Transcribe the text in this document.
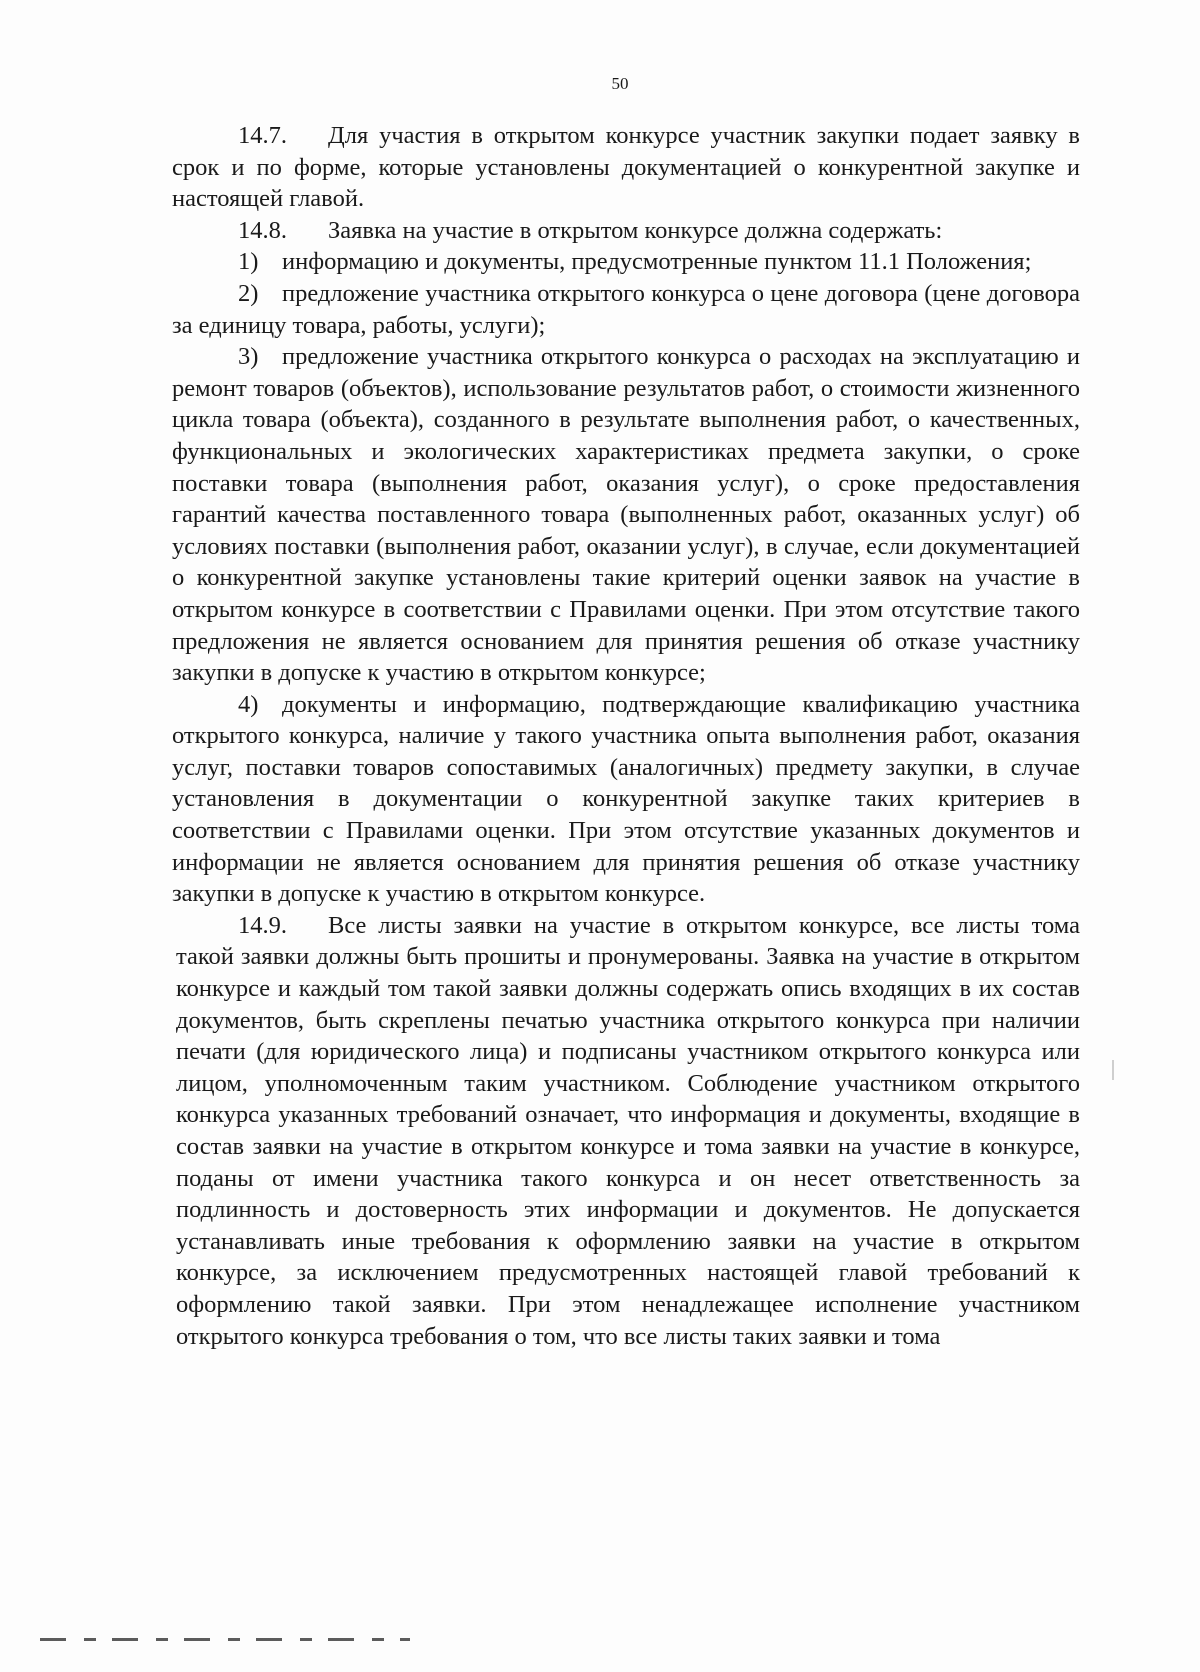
50

14.7. Для участия в открытом конкурсе участник закупки подает заявку в срок и по форме, которые установлены документацией о конкурентной закупке и настоящей главой.

14.8. Заявка на участие в открытом конкурсе должна содержать:

1) информацию и документы, предусмотренные пунктом 11.1 Положения;

2) предложение участника открытого конкурса о цене договора (цене договора за единицу товара, работы, услуги);

3) предложение участника открытого конкурса о расходах на эксплуатацию и ремонт товаров (объектов), использование результатов работ, о стоимости жизненного цикла товара (объекта), созданного в результате выполнения работ, о качественных, функциональных и экологических характеристиках предмета закупки, о сроке поставки товара (выполнения работ, оказания услуг), о сроке предоставления гарантий качества поставленного товара (выполненных работ, оказанных услуг) об условиях поставки (выполнения работ, оказании услуг), в случае, если документацией о конкурентной закупке установлены такие критерий оценки заявок на участие в открытом конкурсе в соответствии с Правилами оценки. При этом отсутствие такого предложения не является основанием для принятия решения об отказе участнику закупки в допуске к участию в открытом конкурсе;

4) документы и информацию, подтверждающие квалификацию участника открытого конкурса, наличие у такого участника опыта выполнения работ, оказания услуг, поставки товаров сопоставимых (аналогичных) предмету закупки, в случае установления в документации о конкурентной закупке таких критериев в соответствии с Правилами оценки. При этом отсутствие указанных документов и информации не является основанием для принятия решения об отказе участнику закупки в допуске к участию в открытом конкурсе.

14.9. Все листы заявки на участие в открытом конкурсе, все листы тома такой заявки должны быть прошиты и пронумерованы. Заявка на участие в открытом конкурсе и каждый том такой заявки должны содержать опись входящих в их состав документов, быть скреплены печатью участника открытого конкурса при наличии печати (для юридического лица) и подписаны участником открытого конкурса или лицом, уполномоченным таким участником. Соблюдение участником открытого конкурса указанных требований означает, что информация и документы, входящие в состав заявки на участие в открытом конкурсе и тома заявки на участие в конкурсе, поданы от имени участника такого конкурса и он несет ответственность за подлинность и достоверность этих информации и документов. Не допускается устанавливать иные требования к оформлению заявки на участие в открытом конкурсе, за исключением предусмотренных настоящей главой требований к оформлению такой заявки. При этом ненадлежащее исполнение участником открытого конкурса требования о том, что все листы таких заявки и тома
